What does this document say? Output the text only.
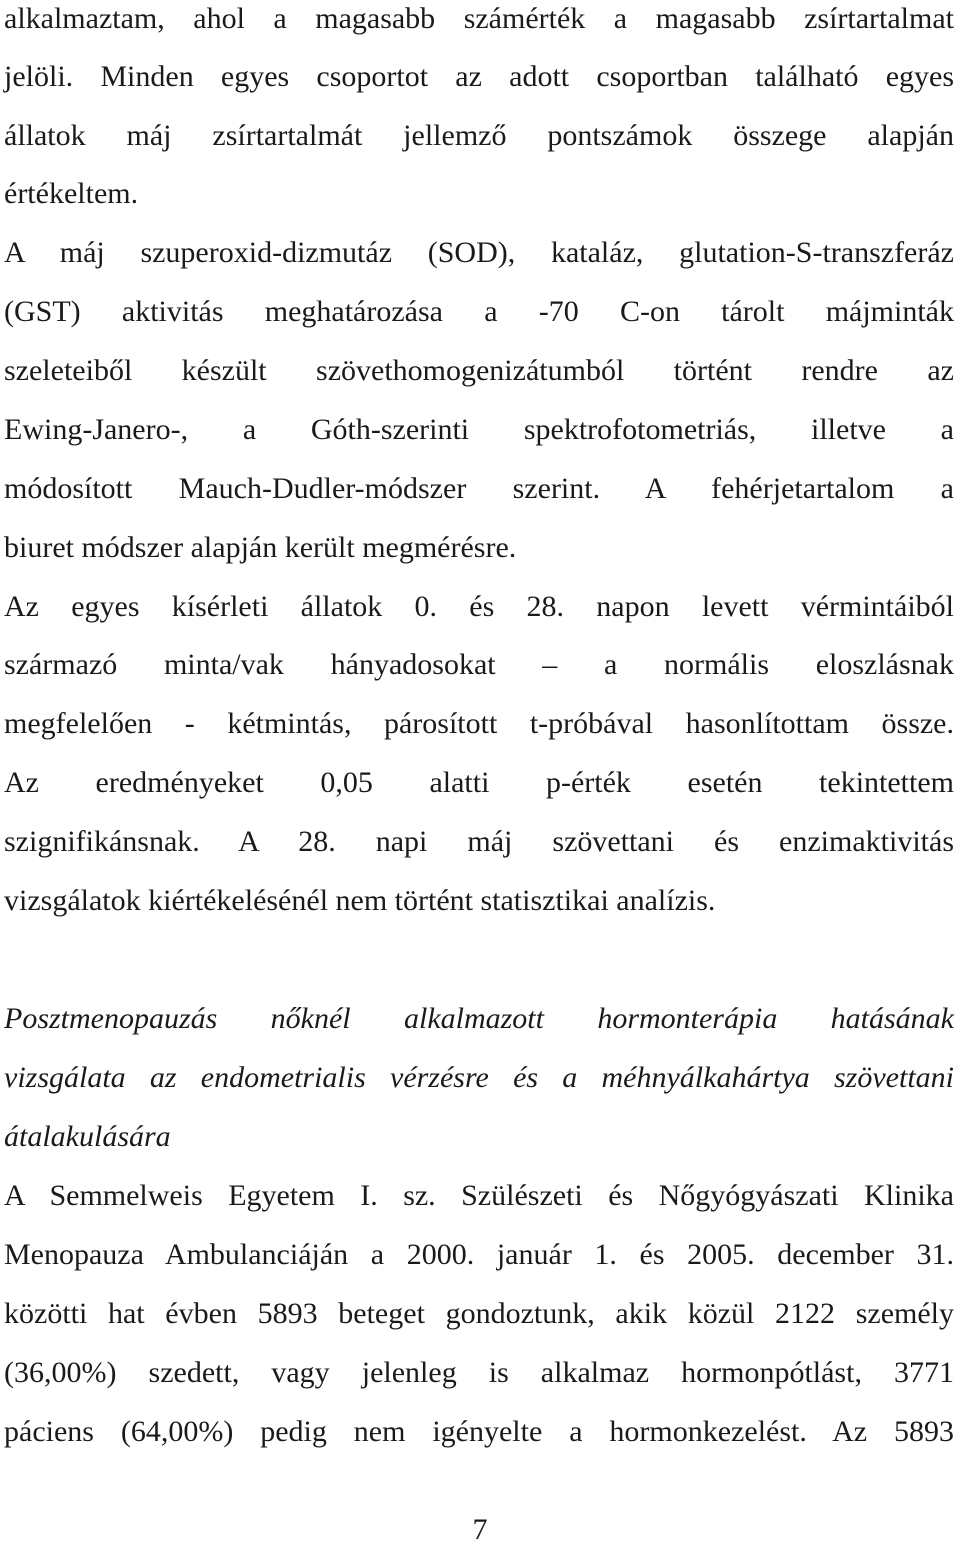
alkalmaztam, ahol a magasabb számérték a magasabb zsírtartalmat
jelöli. Minden egyes csoportot az adott csoportban található egyes
állatok máj zsírtartalmát jellemző pontszámok összege alapján
értékeltem.
A máj szuperoxid-dizmutáz (SOD), kataláz, glutation-S-transzferáz
(GST) aktivitás meghatározása a -70 C-on tárolt májminták
szeleteiből készült szövethomogenizátumból történt rendre az
Ewing-Janero-, a Góth-szerinti spektrofotometriás, illetve a
módosított Mauch-Dudler-módszer szerint. A fehérjetartalom a
biuret módszer alapján került megmérésre.
Az egyes kísérleti állatok 0. és 28. napon levett vérmintáiból
származó minta/vak hányadosokat – a normális eloszlásnak
megfelelően - kétmintás, párosított t-próbával hasonlítottam össze.
Az eredményeket 0,05 alatti p-érték esetén tekintettem
szignifikánsnak. A 28. napi máj szövettani és enzimaktivitás
vizsgálatok kiértékelésénél nem történt statisztikai analízis.
Posztmenopauzás nőknél alkalmazott hormonterápia hatásának
vizsgálata az endometrialis vérzésre és a méhnyálkahártya szövettani
átalakulására
A Semmelweis Egyetem I. sz. Szülészeti és Nőgyógyászati Klinika
Menopauza Ambulanciáján a 2000. január 1. és 2005. december 31.
közötti hat évben 5893 beteget gondoztunk, akik közül 2122 személy
(36,00%) szedett, vagy jelenleg is alkalmaz hormonpótlást, 3771
páciens (64,00%) pedig nem igényelte a hormonkezelést. Az 5893
7
